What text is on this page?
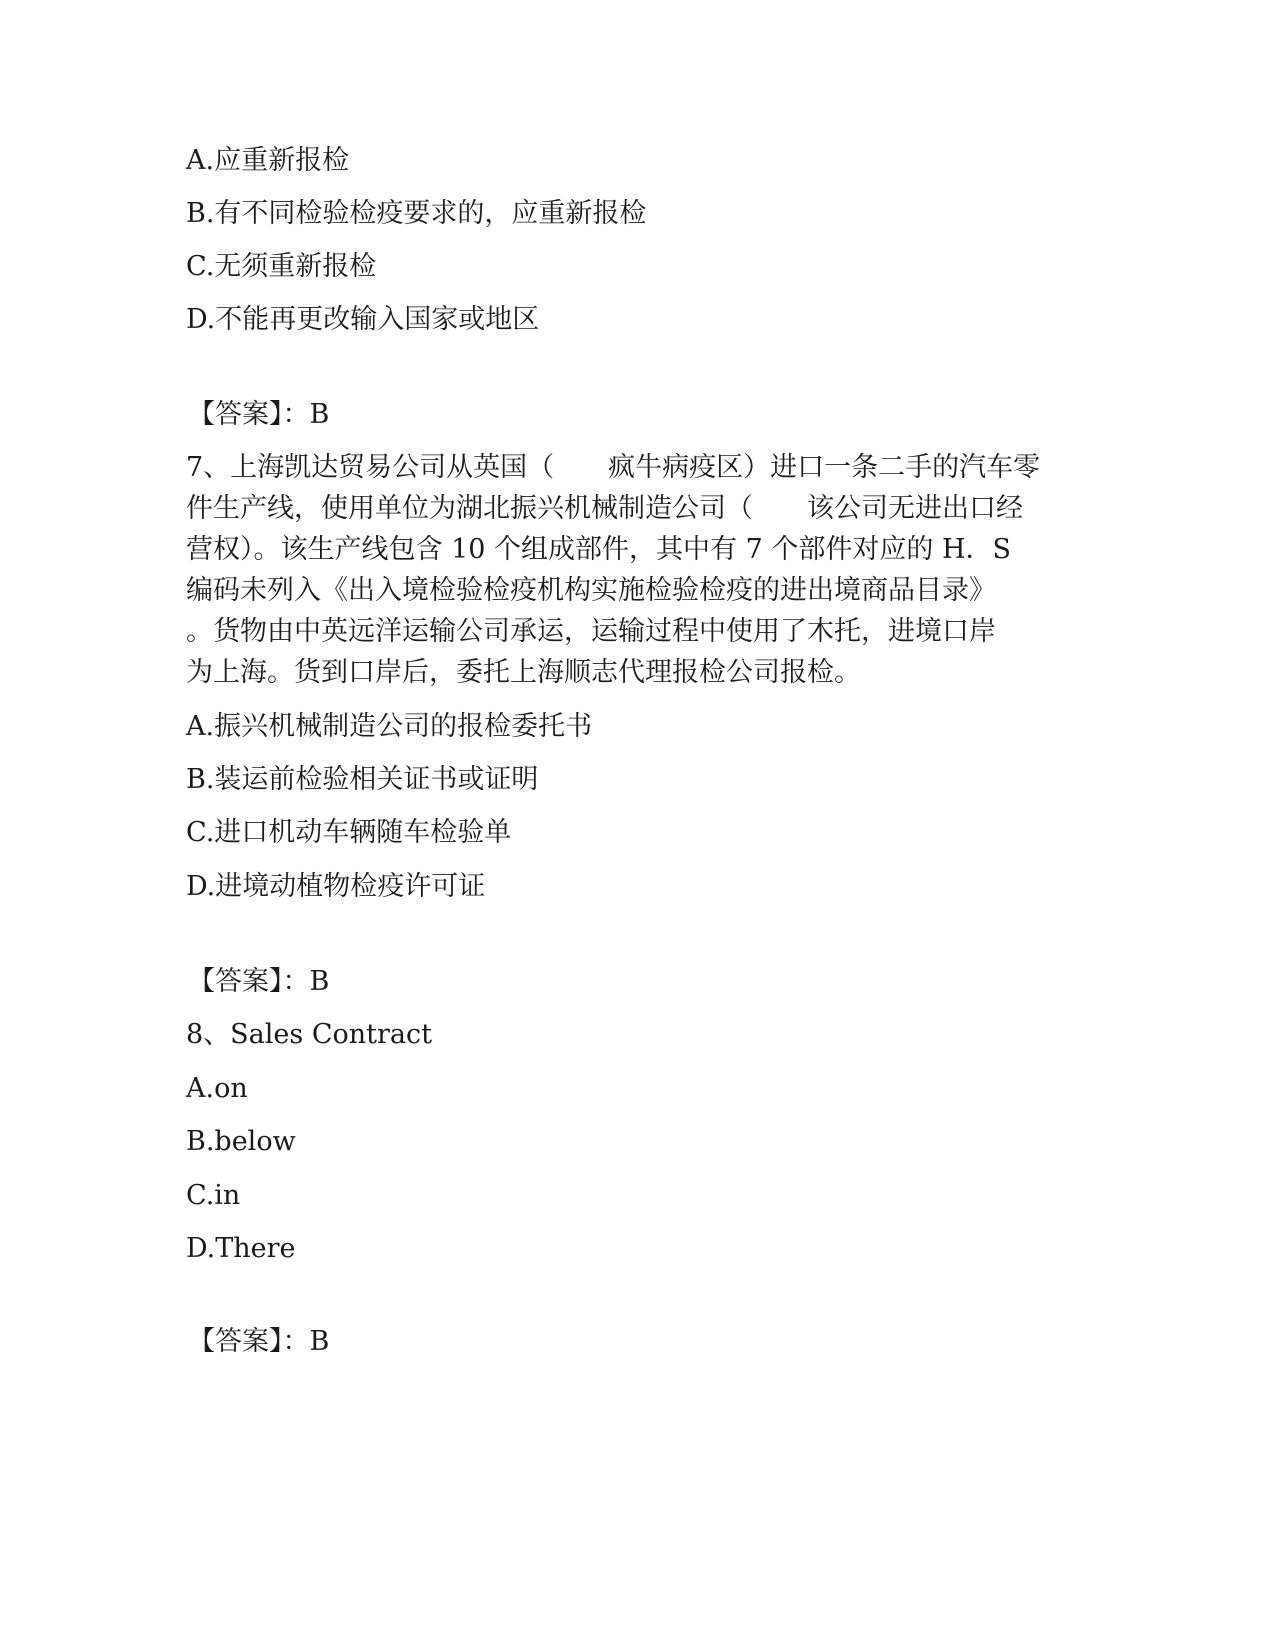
A.应重新报检
B.有不同检验检疫要求的，应重新报检
C.无须重新报检
D.不能再更改输入国家或地区
【答案】：B
7、上海凯达贸易公司从英国（　　疯牛病疫区）进口一条二手的汽车零
件生产线，使用单位为湖北振兴机械制造公司（　　该公司无进出口经
营权）。该生产线包含 10 个组成部件，其中有 7 个部件对应的 H．S
编码未列入《出入境检验检疫机构实施检验检疫的进出境商品目录》
。货物由中英远洋运输公司承运，运输过程中使用了木托，进境口岸
为上海。货到口岸后，委托上海顺志代理报检公司报检。
A.振兴机械制造公司的报检委托书
B.装运前检验相关证书或证明
C.进口机动车辆随车检验单
D.进境动植物检疫许可证
【答案】：B
8、Sales Contract
A.on
B.below
C.in
D.There
【答案】：B
